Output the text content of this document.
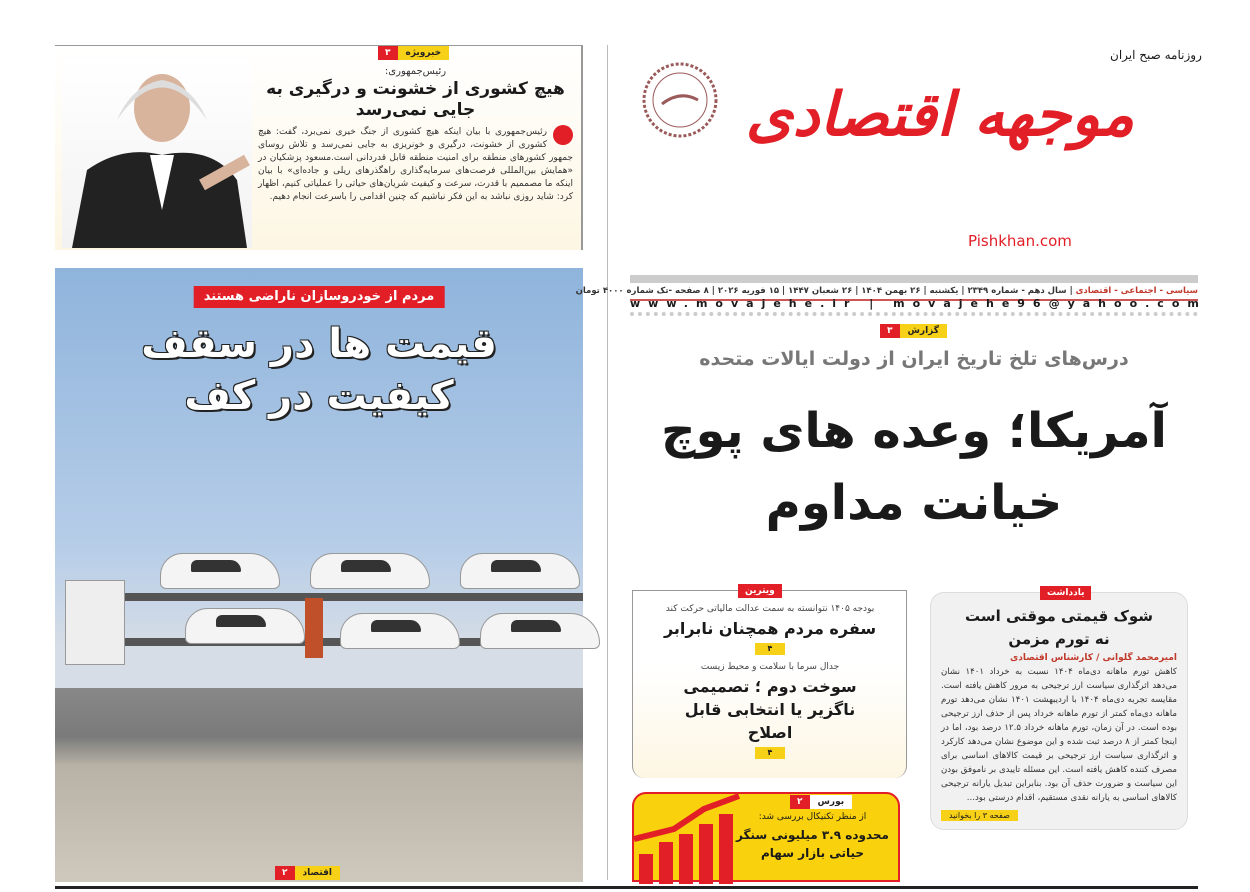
خبرویژه
۳
رئیس‌جمهوری:
هیچ کشوری از خشونت و درگیری به جایی نمی‌رسد
رئیس‌جمهوری با بیان اینکه هیچ کشوری از جنگ خیری نمی‌برد، گفت: هیچ کشوری از خشونت، درگیری و خونریزی به جایی نمی‌رسد و تلاش روسای جمهور کشورهای منطقه برای امنیت منطقه قابل قدردانی است.مسعود پزشکیان در «همایش بین‌المللی فرصت‌های سرمایه‌گذاری راهگذرهای ریلی و جاده‌ای» با بیان اینکه ما مصممیم با قدرت، سرعت و کیفیت شریان‌های حیاتی را عملیاتی کنیم، اظهار کرد: شاید روزی نباشد به این فکر نباشیم که چنین اقدامی را باسرعت انجام دهیم.
مردم از خودروسازان ناراضی هستند
قیمت ها در سقف
کیفیت در کف
اقتصاد
۲
موجهه اقتصادی
روزنامه صبح ایران
Pishkhan.com
سیاسی - اجتماعی - اقتصادی | سال دهم - شماره ۲۳۴۹ | یکشنبه | ۲۶ بهمن ۱۴۰۴ | ۲۶ شعبان ۱۴۴۷ | ۱۵ فوریه ۲۰۲۶ | ۸ صفحه -تک شماره ۴۰۰۰ تومان
www.movajehe.ir | movajehe96@yahoo.com
گزارش
۳
درس‌های تلخ تاریخ ایران از دولت ایالات متحده
آمریکا؛ وعده های پوچ
خیانت مداوم
شوک قیمتی موقتی است
نه تورم مزمن
امیرمحمد گلوانی / کارشناس اقتصادی
کاهش تورم ماهانه دی‌ماه ۱۴۰۴ نسبت به خرداد ۱۴۰۱ نشان می‌دهد اثرگذاری سیاست ارز ترجیحی به مرور کاهش یافته است. مقایسه تجربه دی‌ماه ۱۴۰۴ با اردیبهشت ۱۴۰۱ نشان می‌دهد تورم ماهانه دی‌ماه کمتر از تورم ماهانه خرداد پس از حذف ارز ترجیحی بوده است. در آن زمان، تورم ماهانه خرداد ۱۲.۵ درصد بود، اما در اینجا کمتر از ۸ درصد ثبت شده و این موضوع نشان می‌دهد کارکرد و اثرگذاری سیاست ارز ترجیحی بر قیمت کالاهای اساسی برای مصرف کننده کاهش یافته است. این مسئله تاییدی بر ناموفق بودن این سیاست و ضرورت حذف آن بود. بنابراین تبدیل یارانه ترجیحی کالاهای اساسی به یارانه نقدی مستقیم، اقدام درستی بود...
صفحه ۳ را بخوانید
یادداشت
ویترین
بودجه ۱۴۰۵ نتوانسته به سمت عدالت مالیاتی حرکت کند
سفره مردم همچنان نابرابر
۴
جدال سرما با سلامت و محیط زیست
سوخت دوم ؛ تصمیمی ناگزیر یا انتخابی قابل اصلاح
۴
بورس
۲
از منظر تکنیکال بررسی شد:
محدوده ۳.۹ میلیونی سنگر حیاتی بازار سهام
